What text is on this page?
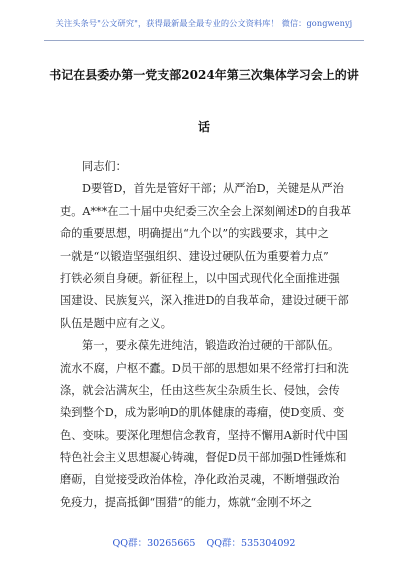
关注头条号"公文研究"，获得最新最全最专业的公文资料库！ 微信：gongwenyj
书记在县委办第一党支部2024年第三次集体学习会上的讲
话
同志们：
D要管D，首先是管好干部；从严治D，关键是从严治
吏。A***在二十届中央纪委三次全会上深刻阐述D的自我革
命的重要思想，明确提出“九个以”的实践要求，其中之
一就是“以锻造坚强组织、建设过硬队伍为重要着力点”
打铁必须自身硬。新征程上，以中国式现代化全面推进强
国建设、民族复兴，深入推进D的自我革命，建设过硬干部
队伍是题中应有之义。
第一，要永葆先进纯洁，锻造政治过硬的干部队伍。
流水不腐，户枢不蠹。D员干部的思想如果不经常打扫和洗
涤，就会沾满灰尘，任由这些灰尘杂质生长、侵蚀，会传
染到整个D，成为影响D的肌体健康的毒瘤，使D变质、变
色、变味。要深化理想信念教育，坚持不懈用A新时代中国
特色社会主义思想凝心铸魂，督促D员干部加强D性锤炼和
磨砺，自觉接受政治体检，净化政治灵魂，不断增强政治
免疫力，提高抵御“围猎”的能力，炼就“金刚不坏之
QQ群：30265665 QQ群：535304092
